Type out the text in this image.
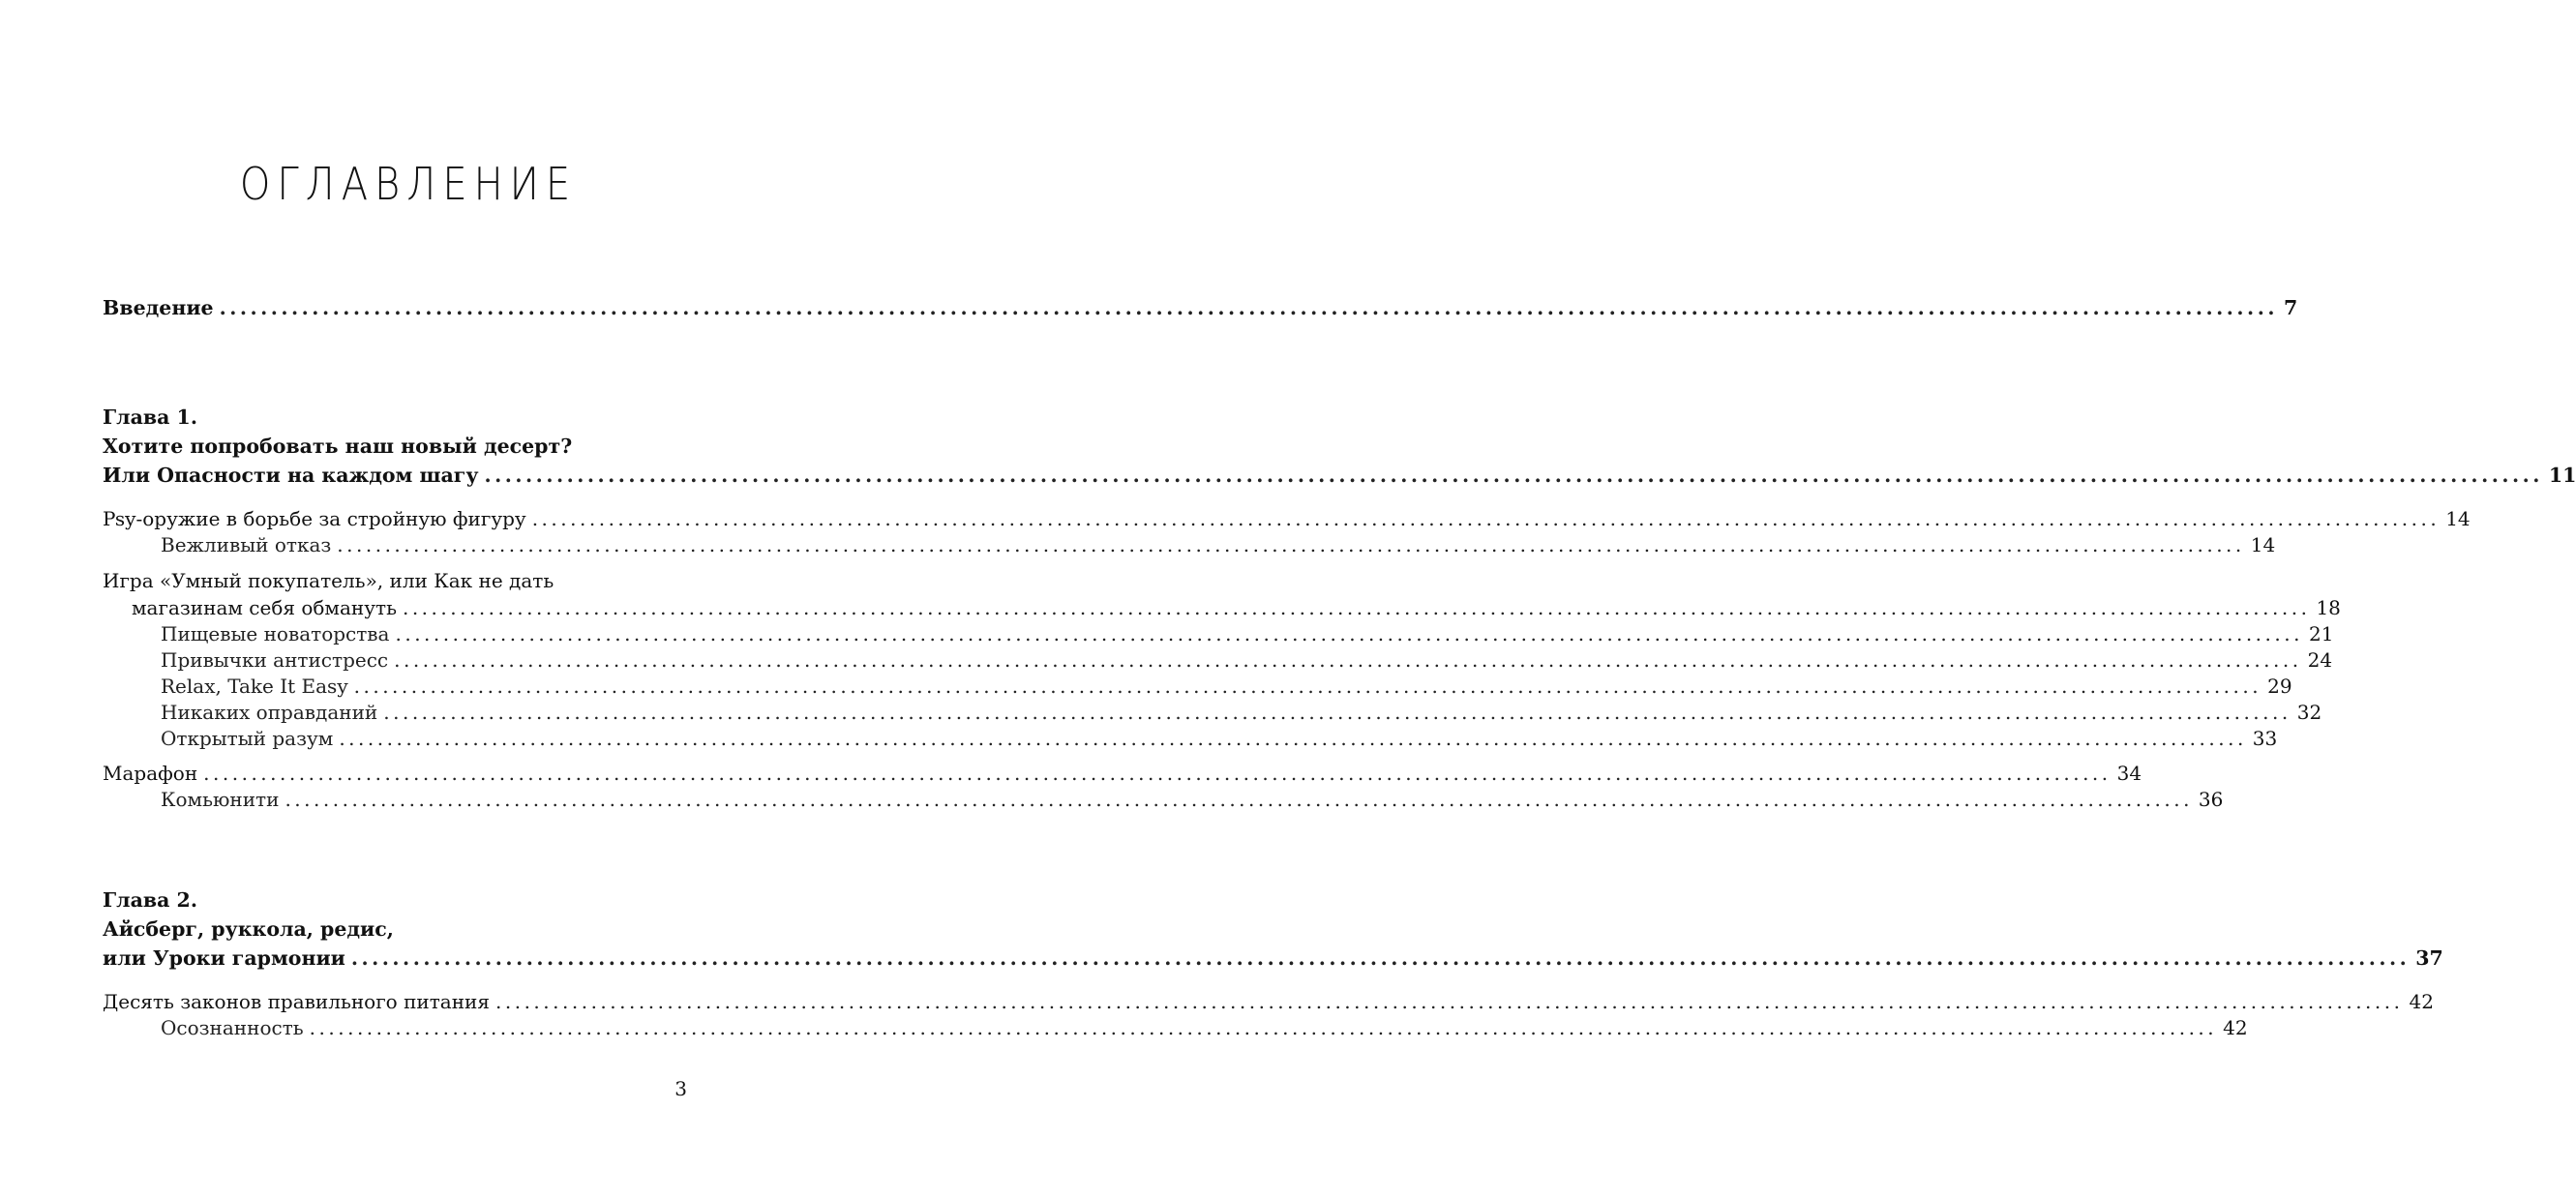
ОГЛАВЛЕНИЕ
Введение ........................................................................................................................................................................................................ 7
Глава 1.
Хотите попробовать наш новый десерт?
Или Опасности на каждом шагу ........................................................................................................................................................................................................ 11
Psy-оружие в борьбе за стройную фигуру ........................................................................................................................................................................................................ 14
Вежливый отказ ........................................................................................................................................................................................................ 14
Игра «Умный покупатель», или Как не дать
магазинам себя обмануть ........................................................................................................................................................................................................ 18
Пищевые новаторства ........................................................................................................................................................................................................ 21
Привычки антистресс ........................................................................................................................................................................................................ 24
Relax, Take It Easy ........................................................................................................................................................................................................ 29
Никаких оправданий ........................................................................................................................................................................................................ 32
Открытый разум ........................................................................................................................................................................................................ 33
Марафон ........................................................................................................................................................................................................ 34
Комьюнити ........................................................................................................................................................................................................ 36
Глава 2.
Айсберг, руккола, редис,
или Уроки гармонии ........................................................................................................................................................................................................ 37
Десять законов правильного питания ........................................................................................................................................................................................................ 42
Осознанность ........................................................................................................................................................................................................ 42
3
